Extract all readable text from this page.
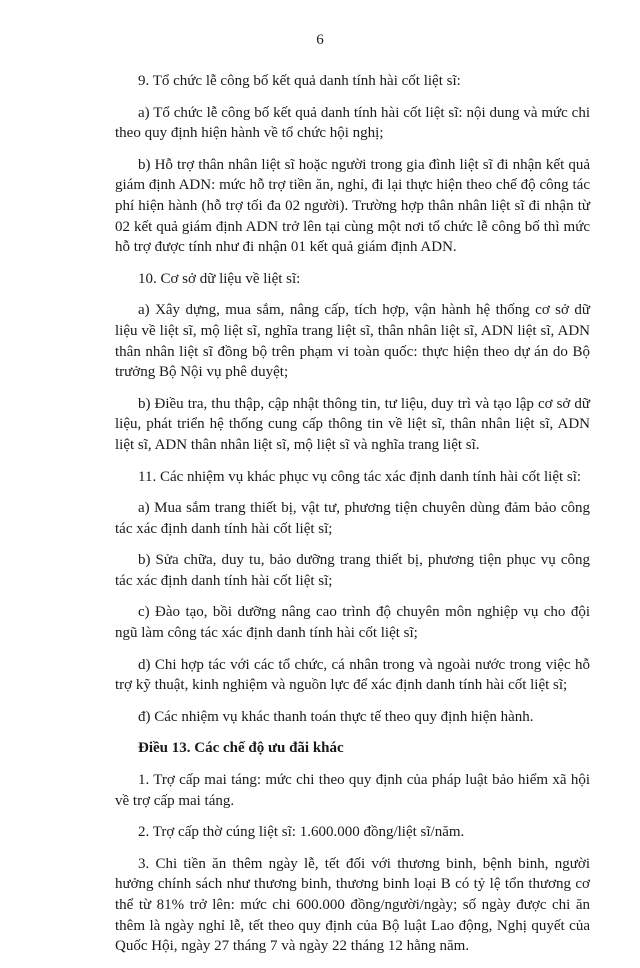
6

9. Tổ chức lễ công bố kết quả danh tính hài cốt liệt sĩ:

a) Tổ chức lễ công bố kết quả danh tính hài cốt liệt sĩ: nội dung và mức chi theo quy định hiện hành về tổ chức hội nghị;

b) Hỗ trợ thân nhân liệt sĩ hoặc người trong gia đình liệt sĩ đi nhận kết quả giám định ADN: mức hỗ trợ tiền ăn, nghỉ, đi lại thực hiện theo chế độ công tác phí hiện hành (hỗ trợ tối đa 02 người). Trường hợp thân nhân liệt sĩ đi nhận từ 02 kết quả giám định ADN trở lên tại cùng một nơi tổ chức lễ công bố thì mức hỗ trợ được tính như đi nhận 01 kết quả giám định ADN.

10. Cơ sở dữ liệu về liệt sĩ:

a) Xây dựng, mua sắm, nâng cấp, tích hợp, vận hành hệ thống cơ sở dữ liệu về liệt sĩ, mộ liệt sĩ, nghĩa trang liệt sĩ, thân nhân liệt sĩ, ADN liệt sĩ, ADN thân nhân liệt sĩ đồng bộ trên phạm vi toàn quốc: thực hiện theo dự án do Bộ trưởng Bộ Nội vụ phê duyệt;

b) Điều tra, thu thập, cập nhật thông tin, tư liệu, duy trì và tạo lập cơ sở dữ liệu, phát triển hệ thống cung cấp thông tin về liệt sĩ, thân nhân liệt sĩ, ADN liệt sĩ, ADN thân nhân liệt sĩ, mộ liệt sĩ và nghĩa trang liệt sĩ.

11. Các nhiệm vụ khác phục vụ công tác xác định danh tính hài cốt liệt sĩ:

a) Mua sắm trang thiết bị, vật tư, phương tiện chuyên dùng đảm bảo công tác xác định danh tính hài cốt liệt sĩ;

b) Sửa chữa, duy tu, bảo dưỡng trang thiết bị, phương tiện phục vụ công tác xác định danh tính hài cốt liệt sĩ;

c) Đào tạo, bồi dưỡng nâng cao trình độ chuyên môn nghiệp vụ cho đội ngũ làm công tác xác định danh tính hài cốt liệt sĩ;

d) Chi hợp tác với các tổ chức, cá nhân trong và ngoài nước trong việc hỗ trợ kỹ thuật, kinh nghiệm và nguồn lực để xác định danh tính hài cốt liệt sĩ;

đ) Các nhiệm vụ khác thanh toán thực tế theo quy định hiện hành.

Điều 13. Các chế độ ưu đãi khác

1. Trợ cấp mai táng: mức chi theo quy định của pháp luật bảo hiểm xã hội về trợ cấp mai táng.

2. Trợ cấp thờ cúng liệt sĩ: 1.600.000 đồng/liệt sĩ/năm.

3. Chi tiền ăn thêm ngày lễ, tết đối với thương binh, bệnh binh, người hưởng chính sách như thương binh, thương binh loại B có tỷ lệ tổn thương cơ thể từ 81% trở lên: mức chi 600.000 đồng/người/ngày; số ngày được chi ăn thêm là ngày nghỉ lễ, tết theo quy định của Bộ luật Lao động, Nghị quyết của Quốc Hội, ngày 27 tháng 7 và ngày 22 tháng 12 hằng năm.
